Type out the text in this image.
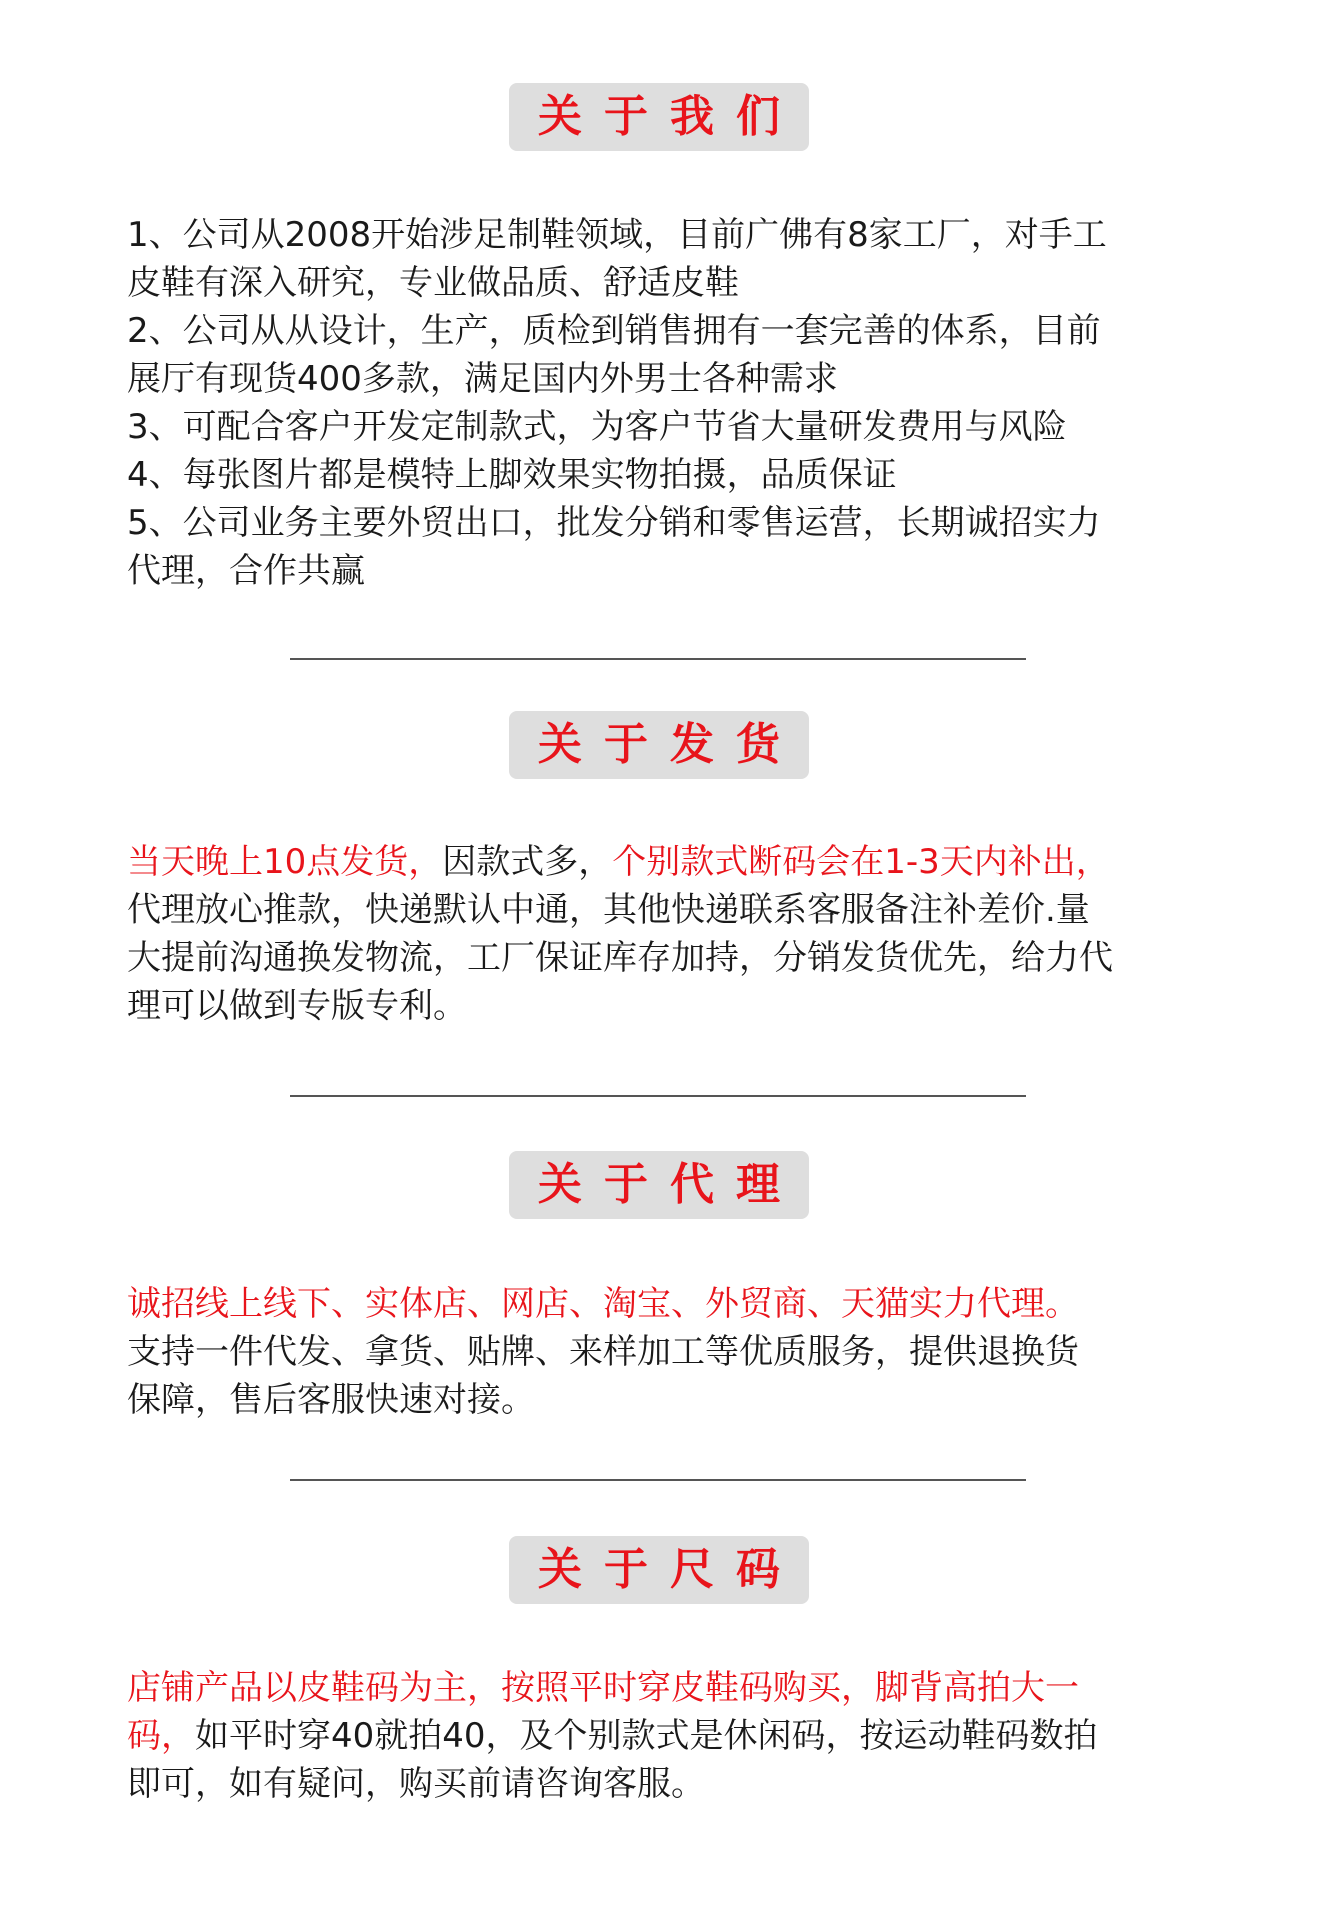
关于我们
1、公司从2008开始涉足制鞋领域，目前广佛有8家工厂，对手工
皮鞋有深入研究，专业做品质、舒适皮鞋
2、公司从从设计，生产，质检到销售拥有一套完善的体系，目前
展厅有现货400多款，满足国内外男士各种需求
3、可配合客户开发定制款式，为客户节省大量研发费用与风险
4、每张图片都是模特上脚效果实物拍摄，品质保证
5、公司业务主要外贸出口，批发分销和零售运营，长期诚招实力
代理，合作共赢
关于发货
当天晚上10点发货，因款式多，个别款式断码会在1-3天内补出，
代理放心推款，快递默认中通，其他快递联系客服备注补差价.量
大提前沟通换发物流，工厂保证库存加持，分销发货优先，给力代
理可以做到专版专利。
关于代理
诚招线上线下、实体店、网店、淘宝、外贸商、天猫实力代理。
支持一件代发、拿货、贴牌、来样加工等优质服务，提供退换货
保障，售后客服快速对接。
关于尺码
店铺产品以皮鞋码为主，按照平时穿皮鞋码购买，脚背高拍大一
码，如平时穿40就拍40，及个别款式是休闲码，按运动鞋码数拍
即可，如有疑问，购买前请咨询客服。
